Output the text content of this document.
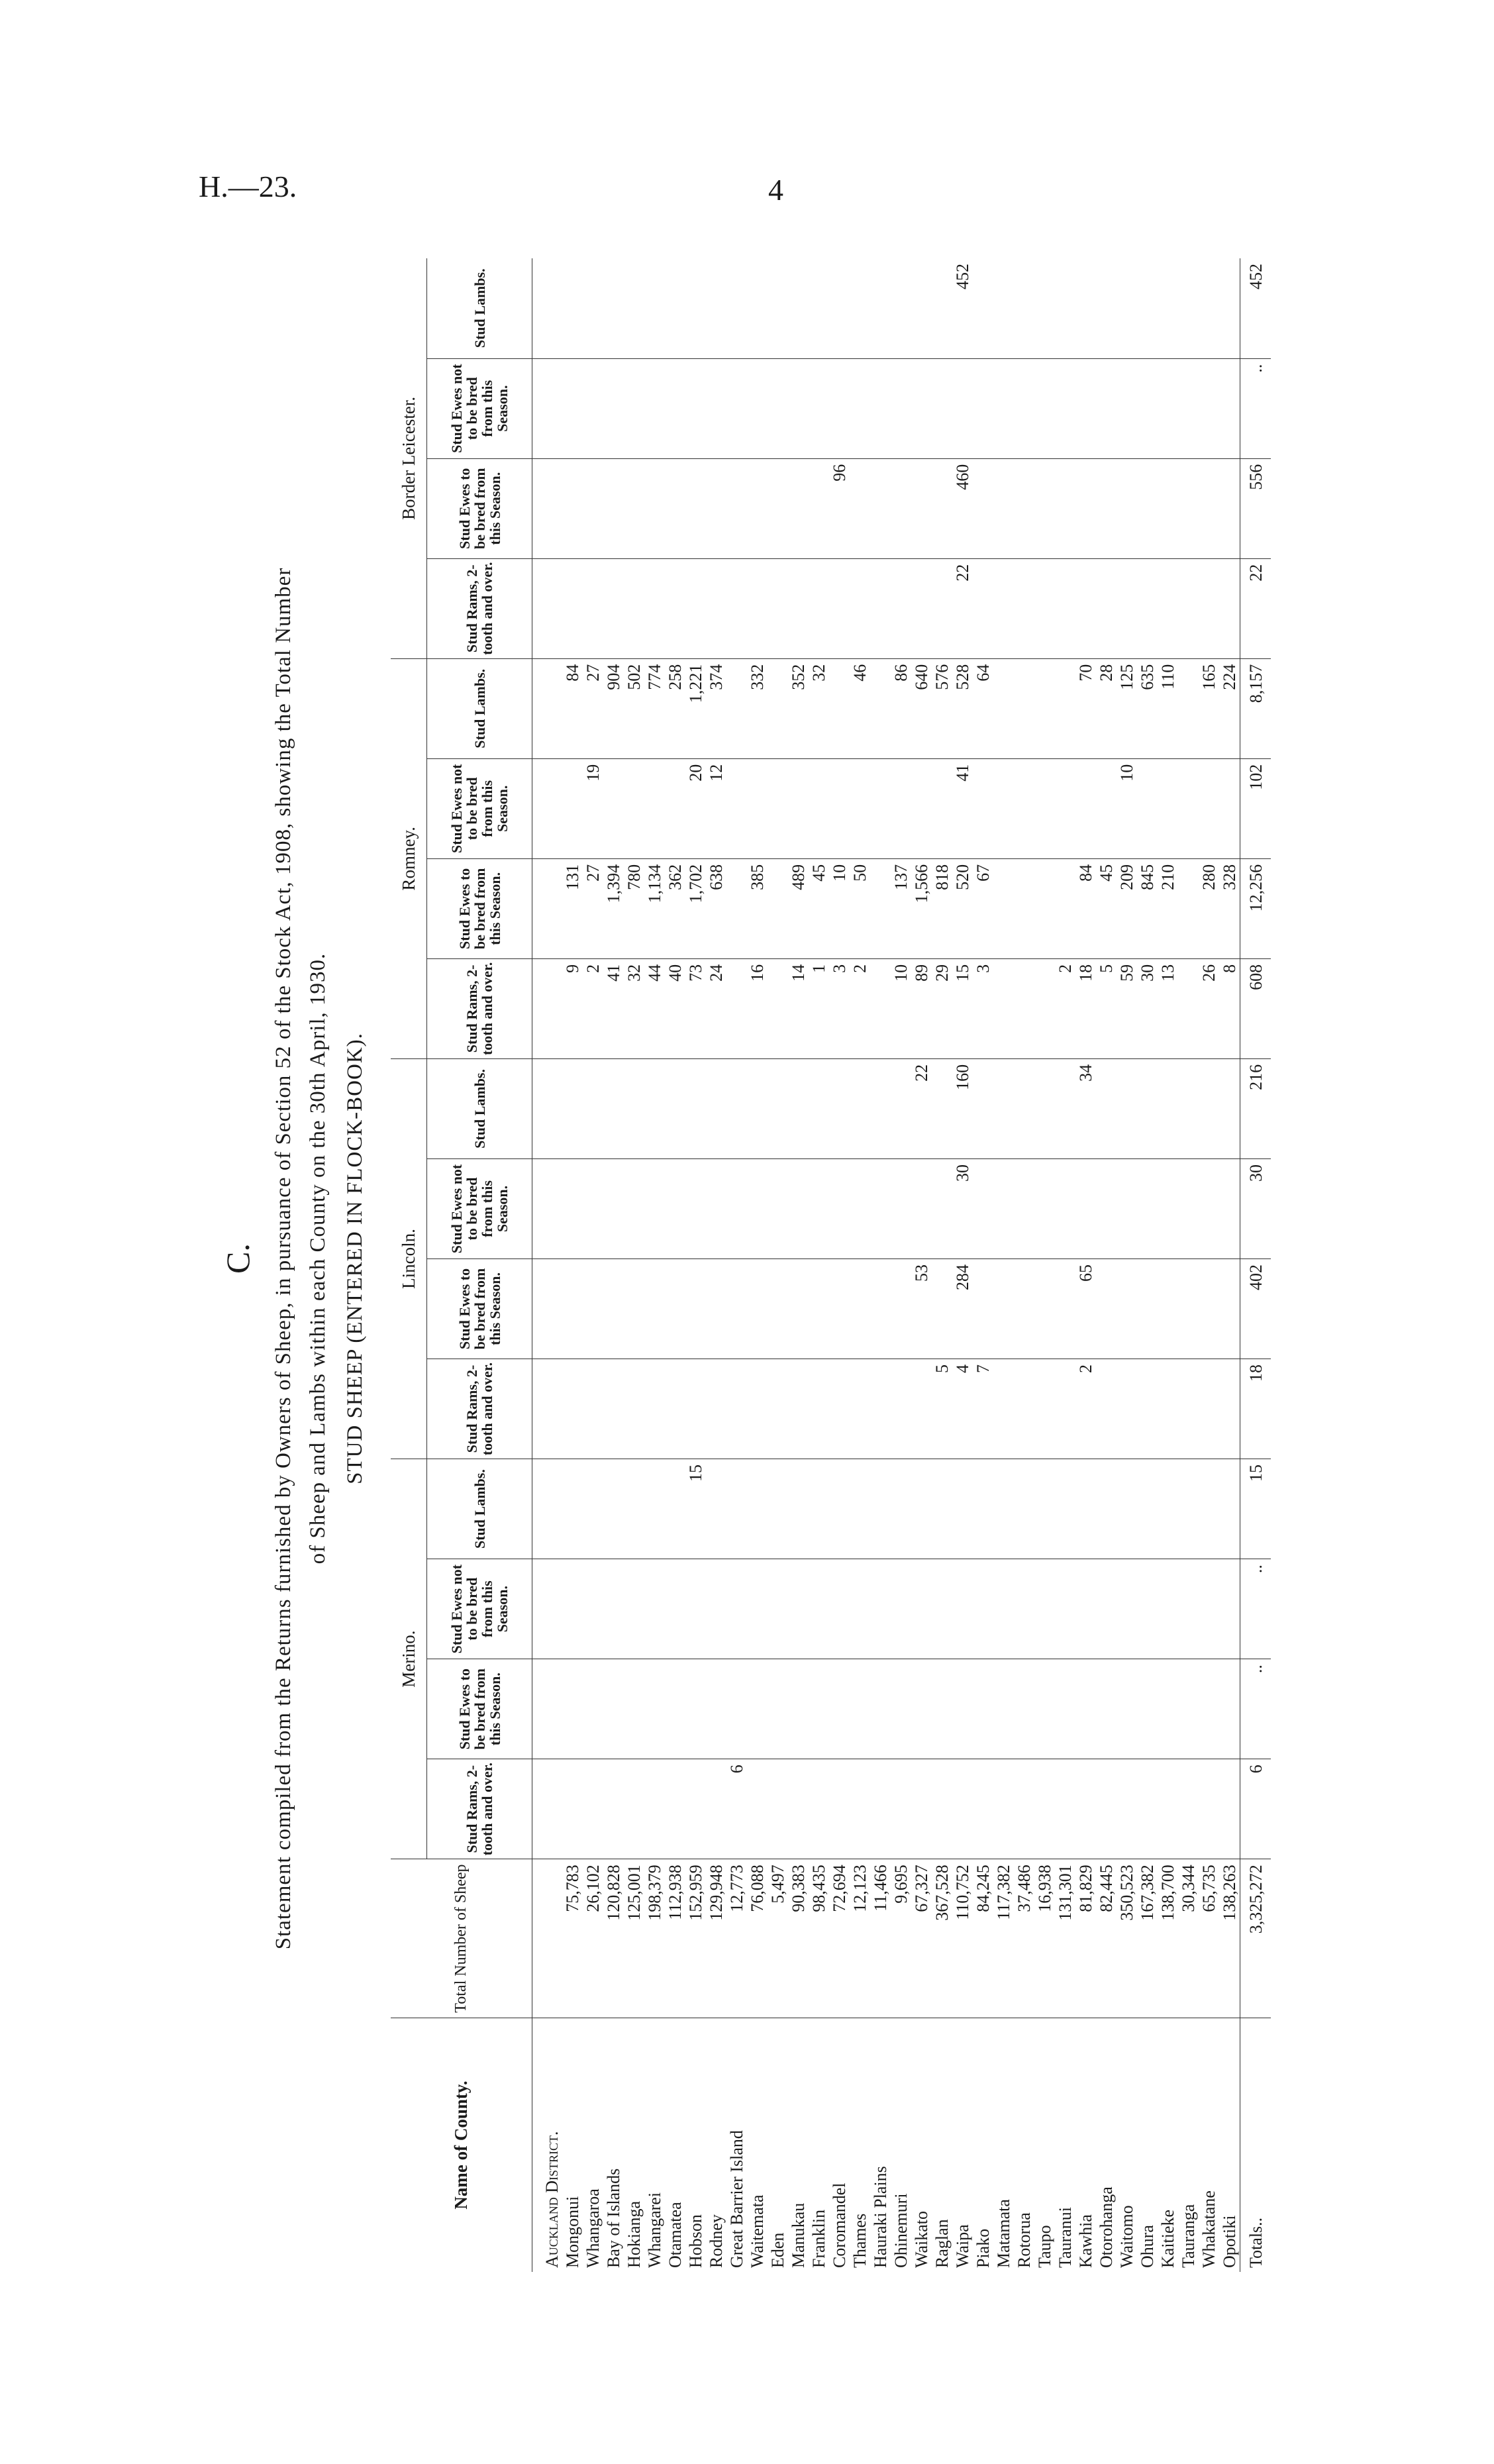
H.—23.	4
C. Statement compiled from the Returns furnished by Owners of Sheep, in pursuance of Section 52 of the Stock Act, 1908, showing the Total Number of Sheep and Lambs within each County on the 30th April, 1930. STUD SHEEP (ENTERED IN FLOCK-BOOK).
Name of County.	Total Number of Sheep	Merino.				Lincoln.				Romney.				Border Leicester.			
		Stud Rams, 2-tooth and over.	Stud Ewes to be bred from this Season.	Stud Ewes not to be bred from this Season.	Stud Lambs.	Stud Rams, 2-tooth and over.	Stud Ewes to be bred from this Season.	Stud Ewes not to be bred from this Season.	Stud Lambs.	Stud Rams, 2-tooth and over.	Stud Ewes to be bred from this Season.	Stud Ewes not to be bred from this Season.	Stud Lambs.	Stud Rams, 2-tooth and over.	Stud Ewes to be bred from this Season.	Stud Ewes not to be bred from this Season.	Stud Lambs.

Auckland District.																	
Mongonui	75,783									9	131		84				
Whangaroa	26,102									2	27	19	27				
Bay of Islands	120,828									41	1,394		904				
Hokianga	125,001									32	780		502				
Whangarei	198,379									44	1,134		774				
Otamatea	112,938									40	362		258				
Hobson	152,959				15					73	1,702	20	1,221				
Rodney	129,948									24	638	12	374				
Great Barrier Island	12,773	6															
Waitemata	76,088									16	385		332				
Eden	5,497																
Manukau	90,383									14	489		352				
Franklin	98,435									1	45		32				
Coromandel	72,694									3	10				96		
Thames	12,123									2	50		46				
Hauraki Plains	11,466																
Ohinemuri	9,695									10	137		86				
Waikato	67,327						53		22	89	1,566		640				
Raglan	367,528					5				29	818		576				
Waipa	110,752					4	284	30	160	15	520	41	528	22	460		452
Piako	84,245					7				3	67		64				
Matamata	117,382																
Rotorua	37,486																
Taupo	16,938																
Tauranui	131,301									2							
Kawhia	81,829					2	65		34	18	84		70				
Otorohanga	82,445									5	45		28				
Waitomo	350,523									59	209	10	125				
Ohura	167,382									30	845		635				
Kaitieke	138,700									13	210		110				
Tauranga	30,344																
Whakatane	65,735									26	280		165				
Opotiki	138,263									8	328		224				
Totals..	3,325,272	6	..	..	15	18	402	30	216	608	12,256	102	8,157	22	556	..	452
